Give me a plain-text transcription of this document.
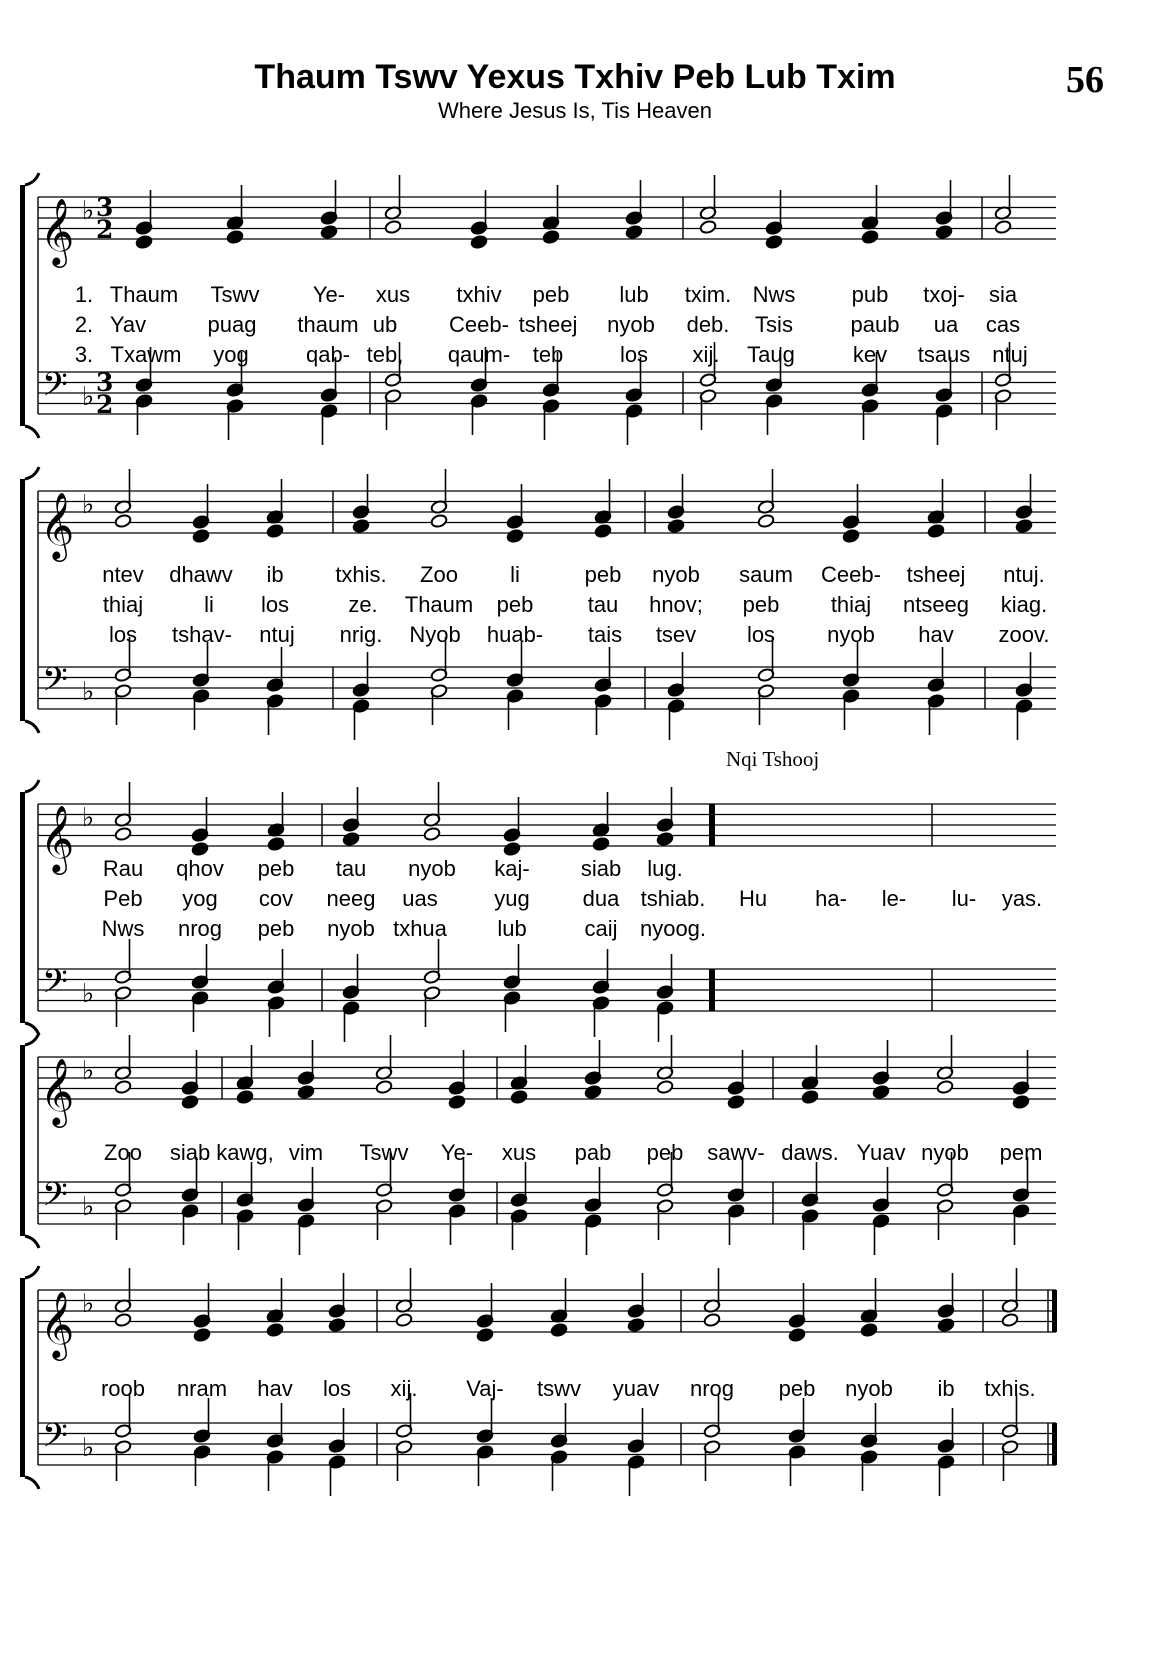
Thaum Tswv Yexus Txhiv Peb Lub Txim
Where Jesus Is, Tis Heaven
56
Nqi Tshooj
𝄞
𝄢
♭
♭
3
2
3
2
𝄞
𝄢
♭
♭
𝄞
𝄢
♭
♭
𝄞
𝄢
♭
♭
𝄞
𝄢
♭
♭
1. Thaum Tswv Ye- xus txhiv peb lub txim. Nws	pub txoj- sia
2. Yav	puag thaum ub Ceeb- tsheej nyob deb. Tsis	paub ua cas
3. Txawm yog	qab- teb, qaum- teb	los xij. Taug	kev tsaus ntuj
ntev dhawv ib txhis. Zoo li	peb nyob saum Ceeb- tsheej ntuj.
thiaj	li los	ze. Thaum peb tau hnov; peb thiaj ntseeg kiag.
los tshav- ntuj nrig. Nyob huab- tais tsev los nyob hav zoov.
Rau qhov peb tau nyob kaj- siab lug.
Peb yog cov neeg uas	yug dua tshiab. Hu ha- le- lu- yas.
Nws nrog peb nyob txhua lub	caij nyoog.
Zoo siab kawg, vim Tswv Ye- xus pab peb sawv- daws. Yuav nyob pem
roob nram hav los xij. Vaj- tswv yuav nrog peb nyob ib txhis.
